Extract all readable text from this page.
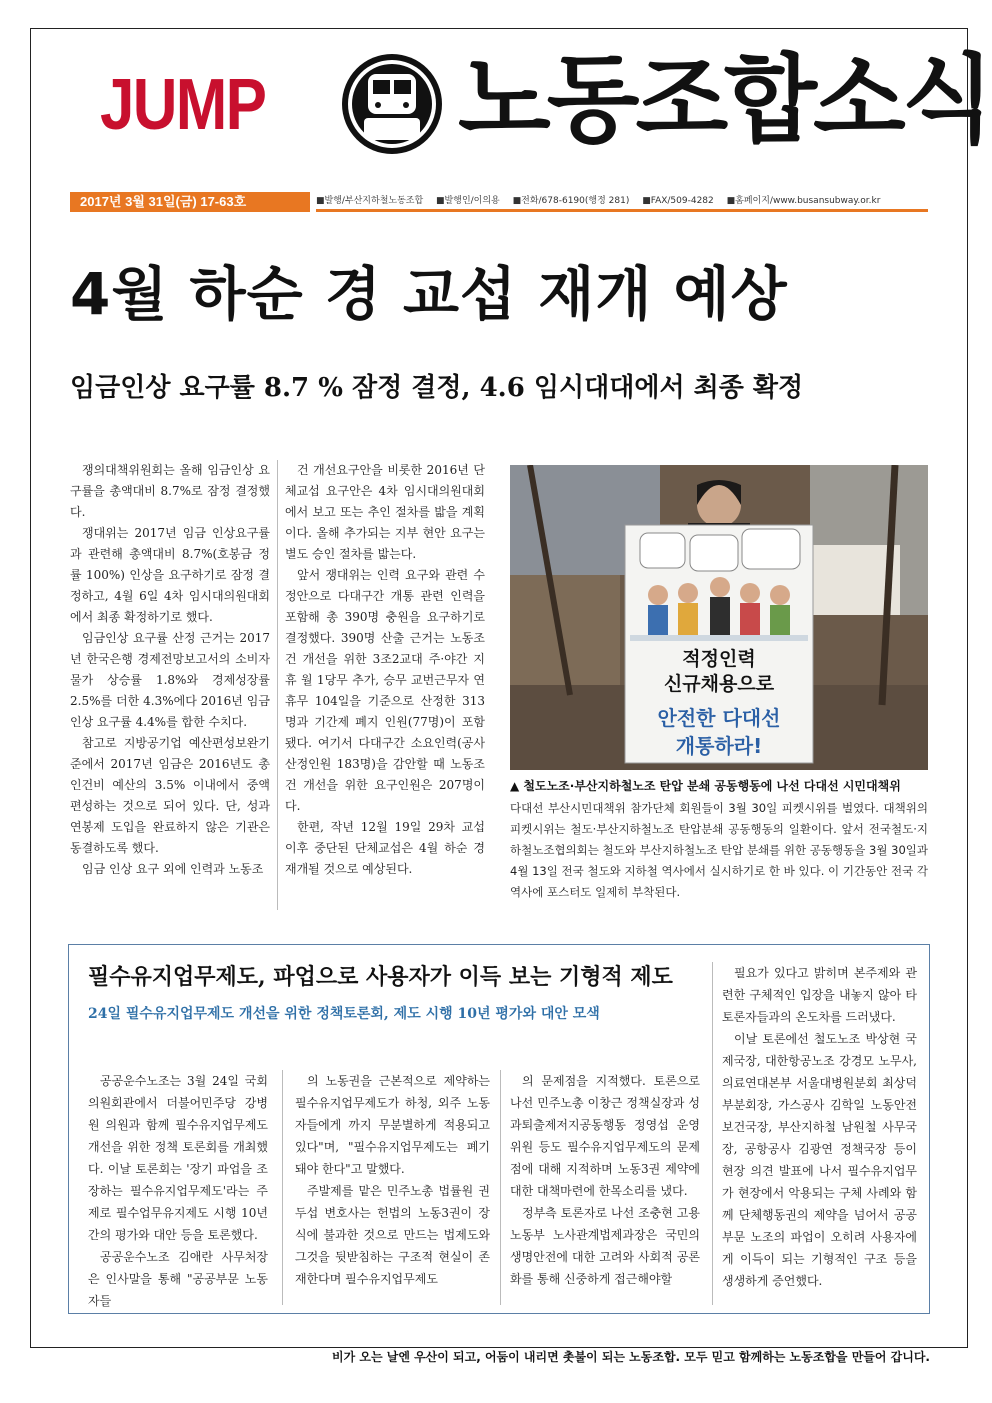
JUMP 노동조합소식
2017년 3월 31일(금) 17-63호	■발행/부산지하철노동조합 ■발행인/이의용 ■전화/678-6190(행정 281) ■FAX/509-4282 ■홈페이지/www.busansubway.or.kr
4월 하순 경 교섭 재개 예상
임금인상 요구률 8.7 % 잠정 결정, 4.6 임시대대에서 최종 확정

쟁의대책위원회는 올해 임금인상 요구률을 총액대비 8.7%로 잠정 결정했다.

쟁대위는 2017년 임금 인상요구률과 관련해 총액대비 8.7%(호봉금 정률 100%) 인상을 요구하기로 잠정 결정하고, 4월 6일 4차 임시대의원대회에서 최종 확정하기로 했다.

임금인상 요구률 산정 근거는 2017년 한국은행 경제전망보고서의 소비자물가 상승률 1.8%와 경제성장률 2.5%를 더한 4.3%에다 2016년 임금인상 요구률 4.4%를 합한 수치다.

참고로 지방공기업 예산편성보완기준에서 2017년 임금은 2016년도 총인건비 예산의 3.5% 이내에서 중액 편성하는 것으로 되어 있다. 단, 성과연봉제 도입을 완료하지 않은 기관은 동결하도록 했다.

임금 인상 요구 외에 인력과 노동조

건 개선요구안을 비롯한 2016년 단체교섭 요구안은 4차 임시대의원대회에서 보고 또는 추인 절차를 밟을 계획이다. 올해 추가되는 지부 현안 요구는 별도 승인 절차를 밟는다.

앞서 쟁대위는 인력 요구와 관련 수정안으로 다대구간 개통 관련 인력을 포함해 총 390명 충원을 요구하기로 결정했다. 390명 산출 근거는 노동조건 개선을 위한 3조2교대 주·야간 지휴 월 1당무 추가, 승무 교번근무자 연 휴무 104일을 기준으로 산정한 313명과 기간제 폐지 인원(77명)이 포함됐다. 여기서 다대구간 소요인력(공사 산정인원 183명)을 감안할 때 노동조건 개선을 위한 요구인원은 207명이다.

한편, 작년 12월 19일 29차 교섭 이후 중단된 단체교섭은 4월 하순 경 재개될 것으로 예상된다.

적정인력
신규채용으로
안전한 다대선
개통하라!
▲ 철도노조·부산지하철노조 탄압 분쇄 공동행동에 나선 다대선 시민대책위
다대선 부산시민대책위 참가단체 회원들이 3월 30일 피켓시위를 벌였다. 대책위의 피켓시위는 철도·부산지하철노조 탄압분쇄 공동행동의 일환이다. 앞서 전국철도·지하철노조협의회는 철도와 부산지하철노조 탄압 분쇄를 위한 공동행동을 3월 30일과 4월 13일 전국 철도와 지하철 역사에서 실시하기로 한 바 있다. 이 기간동안 전국 각 역사에 포스터도 일제히 부착된다.
필수유지업무제도, 파업으로 사용자가 이득 보는 기형적 제도
24일 필수유지업무제도 개선을 위한 정책토론회, 제도 시행 10년 평가와 대안 모색

공공운수노조는 3월 24일 국회의원회관에서 더불어민주당 강병원 의원과 함께 필수유지업무제도개선을 위한 정책 토론회를 개최했다. 이날 토론회는 '장기 파업을 조장하는 필수유지업무제도'라는 주제로 필수업무유지제도 시행 10년간의 평가와 대안 등을 토론했다.

공공운수노조 김애란 사무처장은 인사말을 통해 "공공부문 노동자들

의 노동권을 근본적으로 제약하는 필수유지업무제도가 하청, 외주 노동자들에게 까지 무분별하게 적용되고 있다"며, "필수유지업무제도는 폐기돼야 한다"고 말했다.

주발제를 맡은 민주노총 법률원 권두섭 변호사는 헌법의 노동3권이 장식에 불과한 것으로 만드는 법제도와 그것을 뒷받침하는 구조적 현실이 존재한다며 필수유지업무제도

의 문제점을 지적했다. 토론으로 나선 민주노총 이창근 정책실장과 성과퇴출제저지공동행동 정영섭 운영위원 등도 필수유지업무제도의 문제점에 대해 지적하며 노동3권 제약에 대한 대책마련에 한목소리를 냈다.

정부측 토론자로 나선 조충현 고용노동부 노사관계법제과장은 국민의 생명안전에 대한 고려와 사회적 공론화를 통해 신중하게 접근해야할

필요가 있다고 밝히며 본주제와 관련한 구체적인 입장을 내놓지 않아 타 토론자들과의 온도차를 드러냈다.

이날 토론에선 철도노조 박상현 국제국장, 대한항공노조 강경모 노무사, 의료연대본부 서울대병원분회 최상덕 부분회장, 가스공사 김학일 노동안전보건국장, 부산지하철 남원철 사무국장, 공항공사 김광연 정책국장 등이 현장 의견 발표에 나서 필수유지업무가 현장에서 악용되는 구체 사례와 함께 단체행동권의 제약을 넘어서 공공부문 노조의 파업이 오히려 사용자에게 이득이 되는 기형적인 구조 등을 생생하게 증언했다.

비가 오는 날엔 우산이 되고, 어둠이 내리면 촛불이 되는 노동조합. 모두 믿고 함께하는 노동조합을 만들어 갑니다.
